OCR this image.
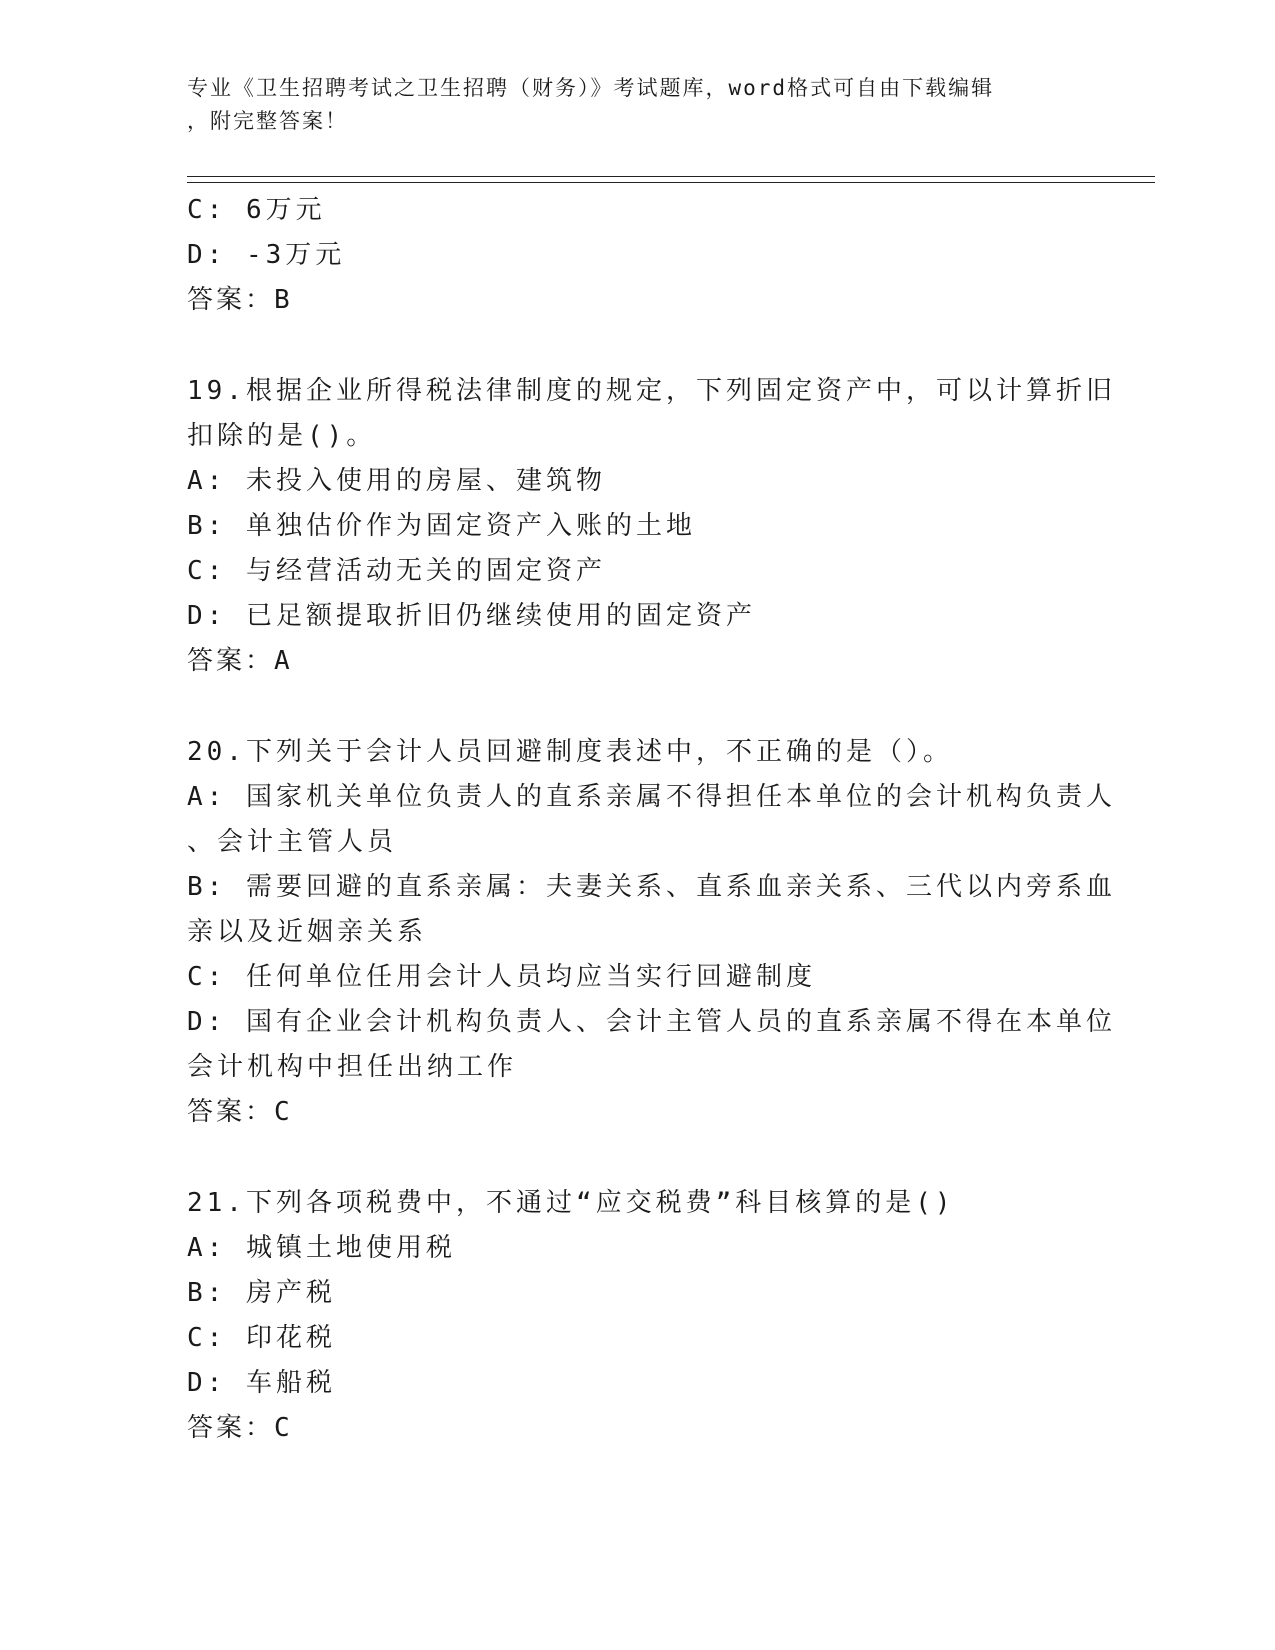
专业《卫生招聘考试之卫生招聘（财务）》考试题库，word格式可自由下载编辑
，附完整答案！
C: 6万元
D: -3万元
答案：B
19.根据企业所得税法律制度的规定，下列固定资产中，可以计算折旧
扣除的是()。
A: 未投入使用的房屋、建筑物
B: 单独估价作为固定资产入账的土地
C: 与经营活动无关的固定资产
D: 已足额提取折旧仍继续使用的固定资产
答案：A
20.下列关于会计人员回避制度表述中，不正确的是（）。
A: 国家机关单位负责人的直系亲属不得担任本单位的会计机构负责人
、会计主管人员
B: 需要回避的直系亲属：夫妻关系、直系血亲关系、三代以内旁系血
亲以及近姻亲关系
C: 任何单位任用会计人员均应当实行回避制度
D: 国有企业会计机构负责人、会计主管人员的直系亲属不得在本单位
会计机构中担任出纳工作
答案：C
21.下列各项税费中，不通过“应交税费”科目核算的是()
A: 城镇土地使用税
B: 房产税
C: 印花税
D: 车船税
答案：C
